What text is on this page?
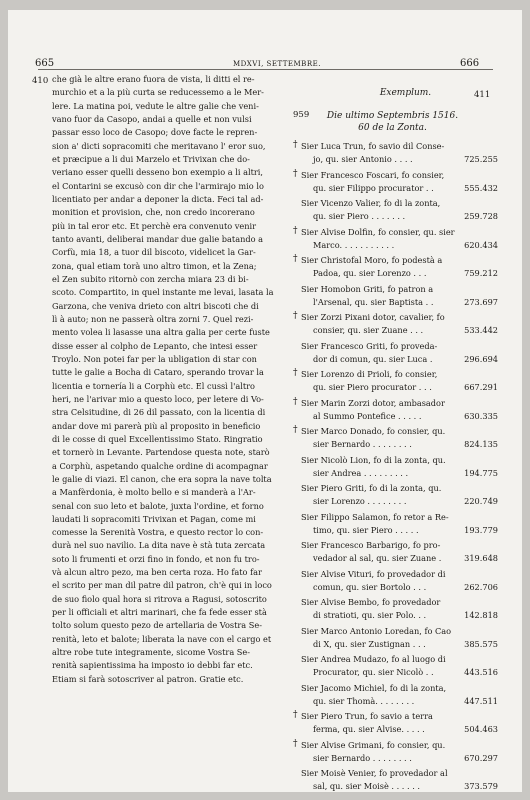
665	MDXVI, SETTEMBRE.	666
410
411

che già le altre erano fuora de vista, li ditti el re-

murchio et a la più curta se reducessemo a le Mer-

lere. La matina poi, vedute le altre galie che veni-

vano fuor da Casopo, andai a quelle et non vulsi

passar esso loco de Casopo; dove facte le repren-

sion a' dicti sopracomiti che meritavano l' eror suo,

et præcipue a li dui Marzelo et Trivixan che do-

veriano esser quelli desseno bon exempio a li altri,

el Contarini se excusò con dir che l'armirajo mio lo

licentiato per andar a deponer la dicta. Feci tal ad-

monition et provision, che, non credo incorerano

più in tal eror etc. Et perchè era convenuto venir

tanto avanti, deliberai mandar due galie batando a

Corfù, mia 18, a tuor dil biscoto, videlicet la Gar-

zona, qual etiam torà uno altro timon, et la Zena;

el Zen subito ritornò con zercha miara 23 di bi-

scoto. Compartito, in quel instante me levai, lasata la

Garzona, che veniva drieto con altri biscoti che di

lì à auto; non ne passerà oltra zorni 7. Quel rezi-

mento volea li lasasse una altra galia per certe fuste

disse esser al colpho de Lepanto, che intesi esser

Troylo. Non potei far per la ubligation di star con

tutte le galie a Bocha di Cataro, sperando trovar la

licentia e tornería li a Corphù etc. El cussì l'altro

heri, ne l'arivar mio a questo loco, per letere di Vo-

stra Celsitudine, di 26 dil passato, con la licentia di

andar dove mi parerà più al proposito in beneficio

di le cosse di quel Excellentissimo Stato. Ringratio

et tornerò in Levante. Partendose questa note, starò

a Corphù, aspetando qualche ordine di acompagnar

le galie di viazi. El canon, che era sopra la nave tolta

a Manfèrdonia, è molto bello e si manderà a l'Ar-

senal con suo leto et balote, juxta l'ordine, et forno

laudati li sopracomiti Trivixan et Pagan, come mi

comesse la Serenità Vostra, e questo rector lo con-

durà nel suo navilio. La dita nave è stà tuta zercata

soto li frumenti et orzi fino in fondo, et non fu tro-

và alcun altro pezo, ma ben certa roza. Ho fato far

el scrito per man dil patre dil patron, ch'è qui in loco

de suo fiolo qual hora si ritrova a Ragusi, sotoscrito

per li officiali et altri marinari, che fa fede esser stà

tolto solum questo pezo de artellaria de Vostra Se-

renità, leto et balote; liberata la nave con el cargo et

altre robe tute integramente, sicome Vostra Se-

renità sapientissima ha imposto io debbi far etc.

Etiam si farà sotoscriver al patron. Gratie etc.

Exemplum.
959	Die ultimo Septembris 1516.
60 de la Zonta.
† Sier Luca Trun, fo savio dil Conse-
jo, qu. sier Antonio . . . .	725.255
† Sier Francesco Foscari, fo consier,
qu. sier Filippo procurator . .	555.432
Sier Vicenzo Valier, fo di la zonta,
qu. sier Piero . . . . . . .	259.728
† Sier Alvise Dolfin, fo consier, qu. sier
Marco. . . . . . . . . . .	620.434
† Sier Christofal Moro, fo podestà a
Padoa, qu. sier Lorenzo . . .	759.212
Sier Homobon Griti, fo patron a
l'Arsenal, qu. sier Baptista . .	273.697
† Sier Zorzi Pixani dotor, cavalier, fo
consier, qu. sier Zuane . . .	533.442
Sier Francesco Griti, fo proveda-
dor di comun, qu. sier Luca .	296.694
† Sier Lorenzo di Prioli, fo consier,
qu. sier Piero procurator . . .	667.291
† Sier Marin Zorzi dotor, ambasador
al Summo Pontefice . . . . .	630.335
† Sier Marco Donado, fo consier, qu.
sier Bernardo . . . . . . . .	824.135
Sier Nicolò Lion, fo di la zonta, qu.
sier Andrea . . . . . . . . .	194.775
Sier Piero Griti, fo di la zonta, qu.
sier Lorenzo . . . . . . . .	220.749
Sier Filippo Salamon, fo retor a Re-
timo, qu. sier Piero . . . . .	193.779
Sier Francesco Barbarigo, fo pro-
vedador al sal, qu. sier Zuane .	319.648
Sier Alvise Vituri, fo provedador di
comun, qu. sier Bortolo . . .	262.706
Sier Alvise Bembo, fo provedador
di stratioti, qu. sier Polo. . .	142.818
Sier Marco Antonio Loredan, fo Cao
di X, qu. sier Zustignan . . .	385.575
Sier Andrea Mudazo, fo al luogo di
Procurator, qu. sier Nicolò . .	443.516
Sier Jacomo Michiel, fo di la zonta,
qu. sier Thomà. . . . . . . .	447.511
† Sier Piero Trun, fo savio a terra
ferma, qu. sier Alvise. . . . .	504.463
† Sier Alvise Grimani, fo consier, qu.
sier Bernardo . . . . . . . .	670.297
Sier Moisè Venier, fo provedador al
sal, qu. sier Moisè . . . . . .	373.579
